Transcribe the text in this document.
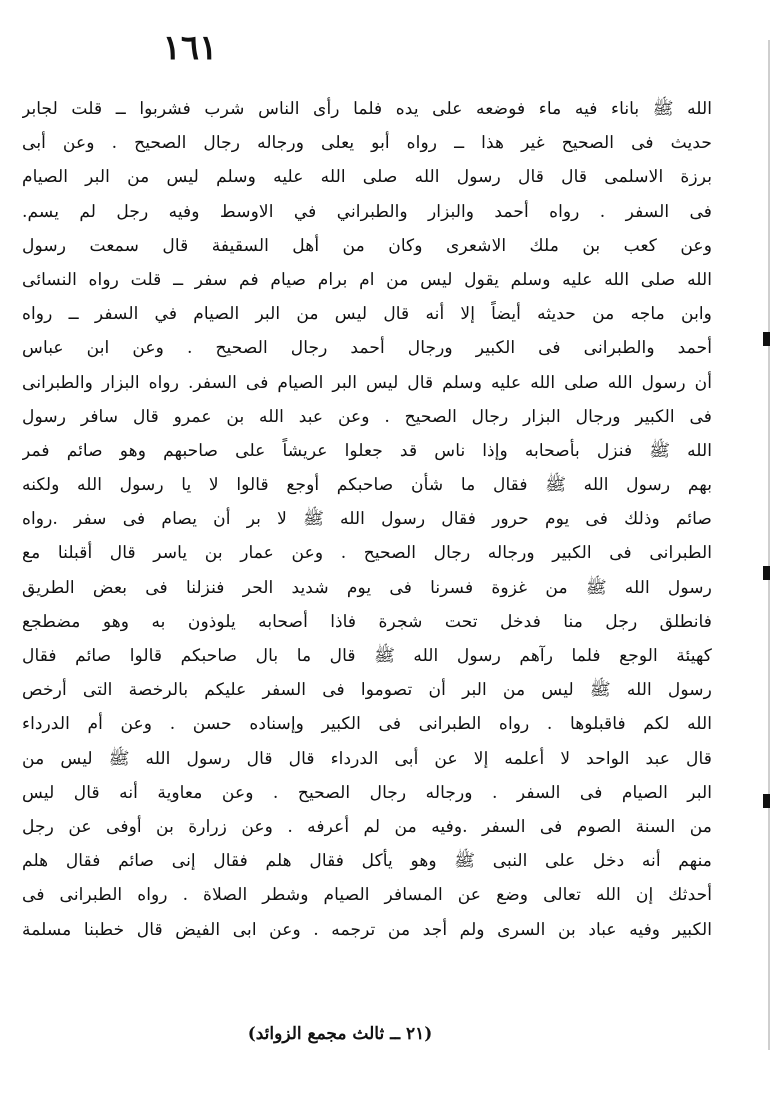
١٦١
الله ﷺ باناء فيه ماء فوضعه على يده فلما رأى الناس شرب فشربوا ــ قلت لجابر
حديث فى الصحيح غير هذا ــ رواه أبو يعلى ورجاله رجال الصحيح . وعن أبى
برزة الاسلمى قال قال رسول الله صلى الله عليه وسلم ليس من البر الصيام
فى السفر . رواه أحمد والبزار والطبراني في الاوسط وفيه رجل لم يسم.
وعن كعب بن ملك الاشعرى وكان من أهل السقيفة قال سمعت رسول
الله صلى الله عليه وسلم يقول ليس من ام برام صيام فم سفر ــ قلت رواه النسائى
وابن ماجه من حديثه أيضاً إلا أنه قال ليس من البر الصيام في السفر ــ رواه
أحمد والطبرانى فى الكبير ورجال أحمد رجال الصحيح . وعن ابن عباس
أن رسول الله صلى الله عليه وسلم قال ليس البر الصيام فى السفر. رواه البزار والطبرانى
فى الكبير ورجال البزار رجال الصحيح . وعن عبد الله بن عمرو قال سافر رسول
الله ﷺ فنزل بأصحابه وإذا ناس قد جعلوا عريشاً على صاحبهم وهو صائم فمر
بهم رسول الله ﷺ فقال ما شأن صاحبكم أوجع قالوا لا يا رسول الله ولكنه
صائم وذلك فى يوم حرور فقال رسول الله ﷺ لا بر أن يصام فى سفر .رواه
الطبرانى فى الكبير ورجاله رجال الصحيح . وعن عمار بن ياسر قال أقبلنا مع
رسول الله ﷺ من غزوة فسرنا فى يوم شديد الحر فنزلنا فى بعض الطريق
فانطلق رجل منا فدخل تحت شجرة فاذا أصحابه يلوذون به وهو مضطجع
كهيئة الوجع فلما رآهم رسول الله ﷺ قال ما بال صاحبكم قالوا صائم فقال
رسول الله ﷺ ليس من البر أن تصوموا فى السفر عليكم بالرخصة التى أرخص
الله لكم فاقبلوها . رواه الطبرانى فى الكبير وإسناده حسن . وعن أم الدرداء
قال عبد الواحد لا أعلمه إلا عن أبى الدرداء قال قال رسول الله ﷺ ليس من
البر الصيام فى السفر . ورجاله رجال الصحيح . وعن معاوية أنه قال ليس
من السنة الصوم فى السفر .وفيه من لم أعرفه . وعن زرارة بن أوفى عن رجل
منهم أنه دخل على النبى ﷺ وهو يأكل فقال هلم فقال إنى صائم فقال هلم
أحدثك إن الله تعالى وضع عن المسافر الصيام وشطر الصلاة . رواه الطبرانى فى
الكبير وفيه عباد بن السرى ولم أجد من ترجمه . وعن ابى الفيض قال خطبنا مسلمة
(٢١ ــ ثالث مجمع الزوائد)
